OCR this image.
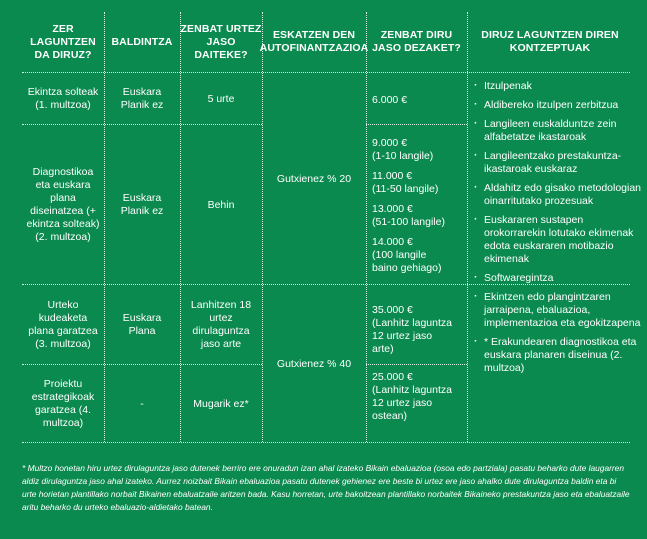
ZER LAGUNTZEN DA DIRUZ?
BALDINTZA
ZENBAT URTEZ JASO DAITEKE?
ESKATZEN DEN AUTOFINANTZAZIOA
ZENBAT DIRU JASO DEZAKET?
DIRUZ LAGUNTZEN DIREN KONTZEPTUAK
Ekintza solteak (1. multzoa)
Diagnostikoa eta euskara plana diseinatzea (+ ekintza solteak) (2. multzoa)
Urteko kudeaketa plana garatzea (3. multzoa)
Proiektu estrategikoak garatzea (4. multzoa)
Euskara Planik ez
Euskara Planik ez
Euskara Plana
-
5 urte
Behin
Lanhitzen 18 urtez dirulaguntza jaso arte
Mugarik ez*
Gutxienez % 20
Gutxienez % 40
6.000 €
9.000 €
(1-10 langile)
11.000 €
(11-50 langile)
13.000 €
(51-100 langile)
14.000 €
(100 langile
baino gehiago)
35.000 €
(Lanhitz laguntza
12 urtez jaso
arte)
25.000 €
(Lanhitz laguntza
12 urtez jaso
ostean)
· Itzulpenak
· Aldibereko itzulpen zerbitzua
· Langileen euskalduntze zein alfabetatze ikastaroak
· Langileentzako prestakuntza-ikastaroak euskaraz
· Aldahitz edo gisako metodologian oinarritutako prozesuak
· Euskararen sustapen orokorrarekin lotutako ekimenak edota euskararen motibazio ekimenak
· Softwaregintza
· Ekintzen edo plangintzaren jarraipena, ebaluazioa, implementazioa eta egokitzapena
· * Erakundearen diagnostikoa eta euskara planaren diseinua (2. multzoa)
* Multzo honetan hiru urtez dirulaguntza jaso dutenek berriro ere onuradun izan ahal izateko Bikain ebaluazioa (osoa edo partziala) pasatu beharko dute laugarren aldiz dirulaguntza jaso ahal izateko. Aurrez noizbait Bikain ebaluazioa pasatu dutenek gehienez ere beste bi urtez ere jaso ahalko dute dirulaguntza baldin eta bi urte horietan plantillako norbait Bikainen ebaluatzaile aritzen bada. Kasu horretan, urte bakoitzean plantillako norbaitek Bikaineko prestakuntza jaso eta ebaluatzaile aritu beharko du urteko ebaluazio-aldietako batean.
